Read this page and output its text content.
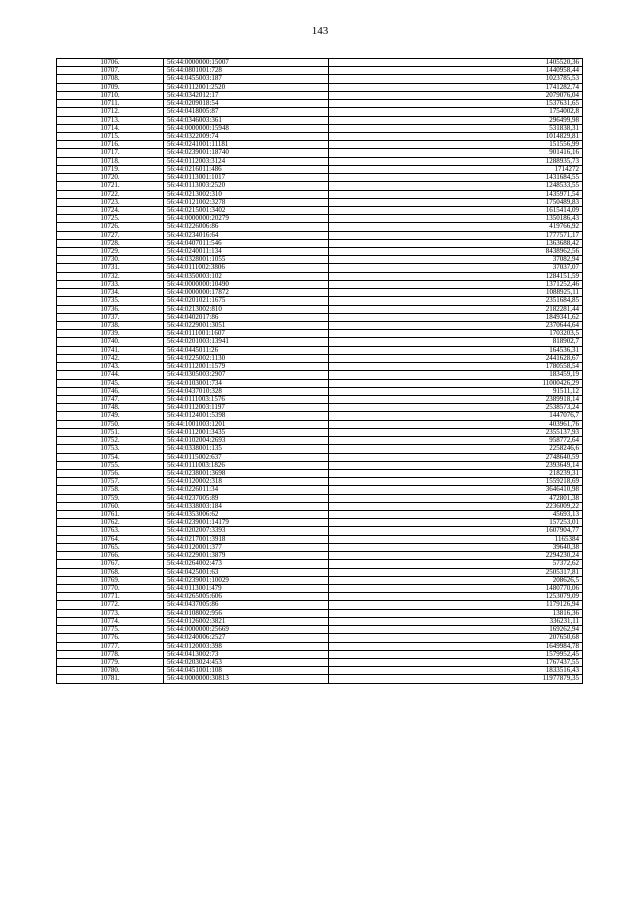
143
10706.	56:44:0000000:15007	1405520,36
10707.	56:44:0801001:728	1440958,44
10708.	56:44:0455003:187	1023785,53
10709.	56:44:0112001:2520	1741282,74
10710.	56:44:0342012:17	2079076,04
10711.	56:44:0209018:54	1537631,65
10712.	56:44:0418005:87	1754002,8
10713.	56:44:0346003:361	296499,98
10714.	56:44:0000000:15948	531838,31
10715.	56:44:0322009:74	1014829,81
10716.	56:44:0241001:11181	151556,99
10717.	56:44:0239001:18740	901416,16
10718.	56:44:0112003:3124	1288935,73
10719.	56:44:0216011:486	1714272
10720.	56:44:0113001:1017	1431684,55
10721.	56:44:0113003:2520	1248533,55
10722.	56:44:0213002:310	1435971,54
10723.	56:44:0121002:3278	1750489,83
10724.	56:44:0215001:3402	1615414,09
10725.	56:44:0000000:20279	1350186,43
10726.	56:44:0226006:86	419766,92
10727.	56:44:0234016:64	1777571,17
10728.	56:44:0407011:546	1363688,42
10729.	56:44:0240011:134	8438962,56
10730.	56:44:0328001:1055	37082,94
10731.	56:44:0111002:3806	37037,07
10732.	56:44:0350003:102	1284151,59
10733.	56:44:0000000:10490	1371252,46
10734.	56:44:0000000:17872	1088925,11
10735.	56:44:0201021:1675	2351684,85
10736.	56:44:0213002:810	2182281,44
10737.	56:44:0402017:86	1849341,62
10738.	56:44:0229001:3051	2370644,64
10739.	56:44:0111001:1607	1703203,5
10740.	56:44:0201003:13941	818902,7
10741.	56:44:0445011:26	164536,31
10742.	56:44:0225002:1130	2441628,67
10743.	56:44:0112001:1579	1780558,54
10744.	56:44:0305003:2907	183459,19
10745.	56:44:0103001:734	11000426,29
10746.	56:44:0437010:328	91511,12
10747.	56:44:0111003:1576	2389918,14
10748.	56:44:0112003:1197	2538573,24
10749.	56:44:0124001:5398	1447076,7
10750.	56:44:1001003:1201	403961,76
10751.	56:44:0112001:3435	2355137,93
10752.	56:44:0102004:2693	958772,64
10753.	56:44:0338001:135	2258246,6
10754.	56:44:0115002:637	2748640,59
10755.	56:44:0111003:1826	2393649,14
10756.	56:44:0238001:3698	218239,31
10757.	56:44:0120002:318	1559218,69
10758.	56:44:0226011:34	3646410,98
10759.	56:44:0237005:89	472801,38
10760.	56:44:0338003:184	2236009,22
10761.	56:44:0353006:62	45693,13
10762.	56:44:0239001:14179	157253,01
10763.	56:44:0202007:3393	1607904,77
10764.	56:44:0217001:3918	1165384
10765.	56:44:0120001:377	39640,38
10766.	56:44:0229001:3879	2294230,24
10767.	56:44:0264002:473	57372,62
10768.	56:44:0425001:63	2505317,81
10769.	56:44:0239001:10029	208626,5
10770.	56:44:0113001:479	1480770,06
10771.	56:44:0265005:606	1253079,09
10772.	56:44:0437005:86	1179126,94
10773.	56:44:0108002:956	13816,36
10774.	56:44:0126002:3821	336231,11
10775.	56:44:0000000:25669	169262,94
10776.	56:44:0240006:2527	207650,68
10777.	56:44:0120003:398	1649984,78
10778.	56:44:0413002:73	1579952,45
10779.	56:44:0203024:453	1767437,55
10780.	56:44:0451001:108	1833516,43
10781.	56:44:0000000:30813	11977879,35
